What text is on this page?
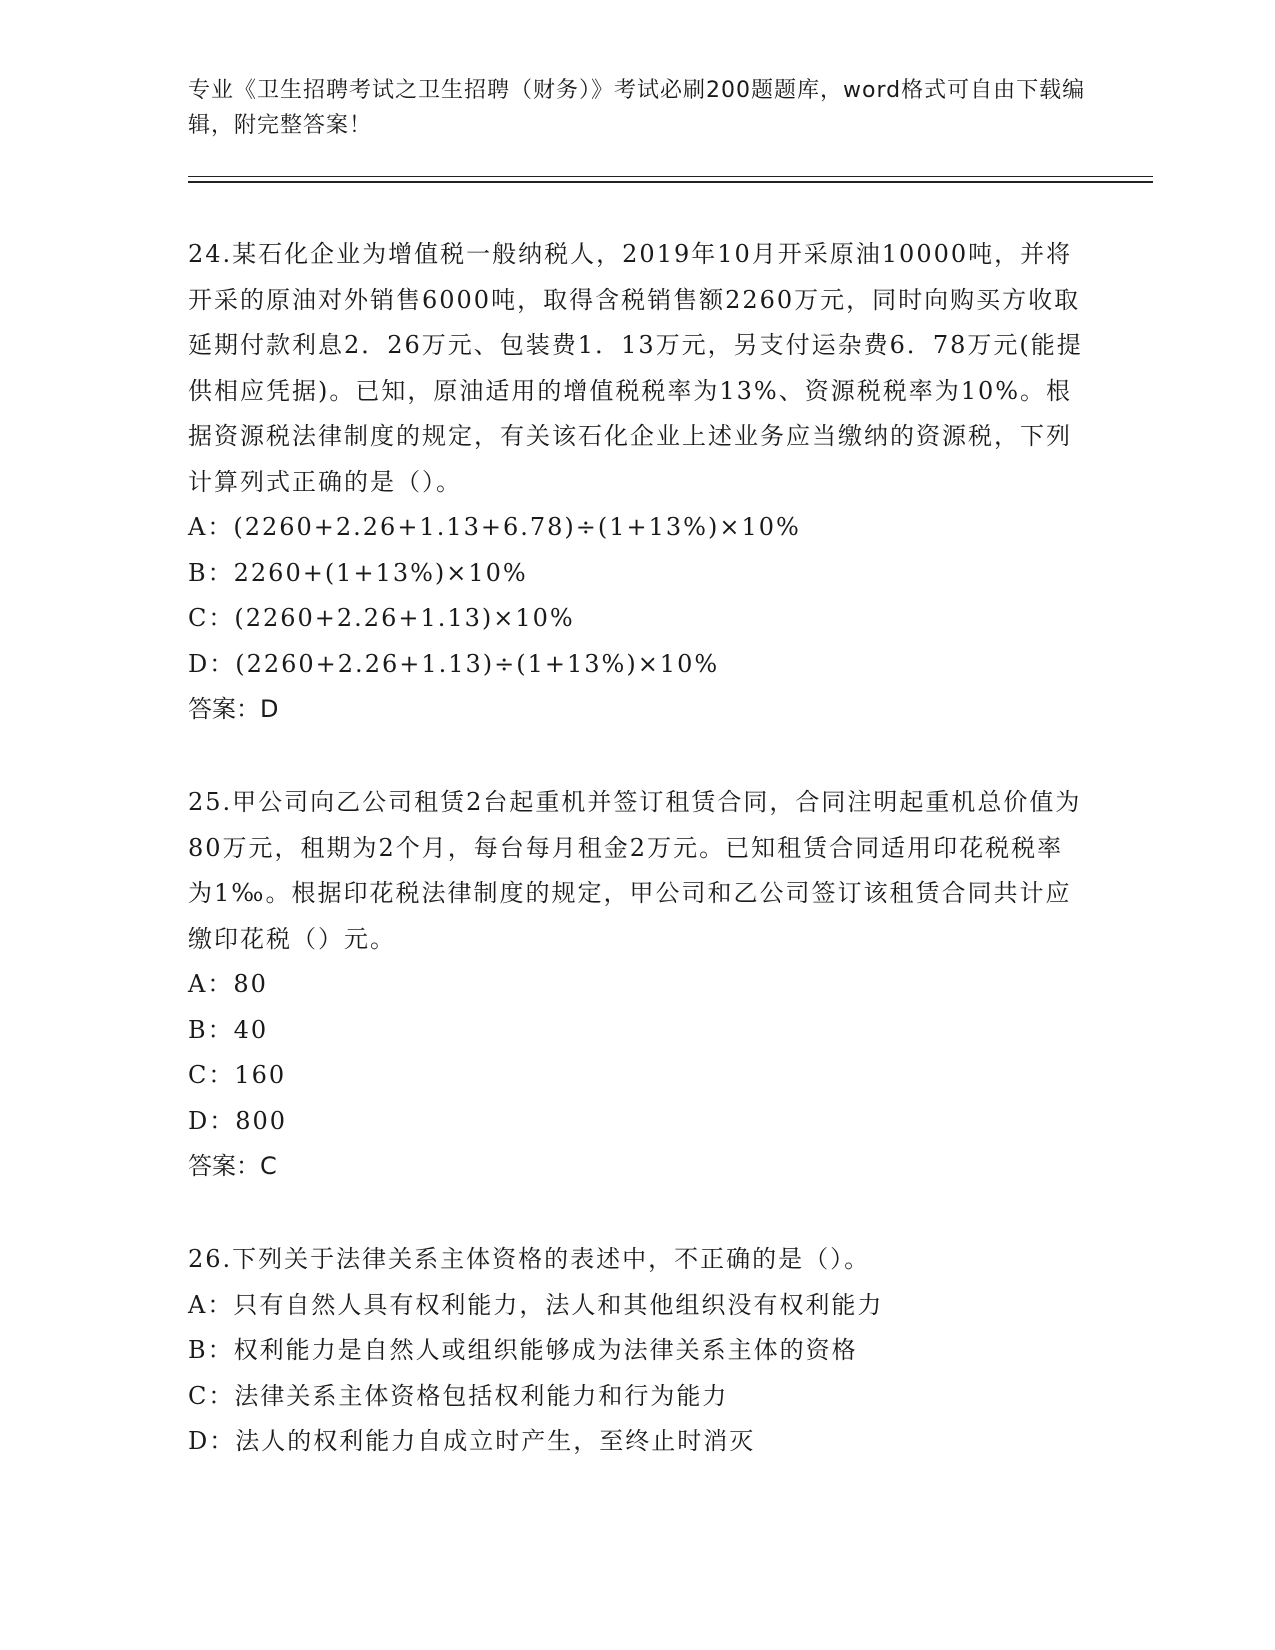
专业《卫生招聘考试之卫生招聘（财务）》考试必刷200题题库，word格式可自由下载编辑，附完整答案！

24.某石化企业为增值税一般纳税人，2019年10月开采原油10000吨，并将开采的原油对外销售6000吨，取得含税销售额2260万元，同时向购买方收取延期付款利息2．26万元、包装费1．13万元，另支付运杂费6．78万元(能提供相应凭据)。已知，原油适用的增值税税率为13%、资源税税率为10%。根据资源税法律制度的规定，有关该石化企业上述业务应当缴纳的资源税，下列计算列式正确的是（）。

A：(2260+2.26+1.13+6.78)÷(1+13%)×10%

B：2260+(1+13%)×10%

C：(2260+2.26+1.13)×10%

D：(2260+2.26+1.13)÷(1+13%)×10%

答案：D

25.甲公司向乙公司租赁2台起重机并签订租赁合同，合同注明起重机总价值为80万元，租期为2个月，每台每月租金2万元。已知租赁合同适用印花税税率为1‰。根据印花税法律制度的规定，甲公司和乙公司签订该租赁合同共计应缴印花税（）元。

A：80

B：40

C：160

D：800

答案：C

26.下列关于法律关系主体资格的表述中，不正确的是（）。

A：只有自然人具有权利能力，法人和其他组织没有权利能力

B：权利能力是自然人或组织能够成为法律关系主体的资格

C：法律关系主体资格包括权利能力和行为能力

D：法人的权利能力自成立时产生，至终止时消灭
